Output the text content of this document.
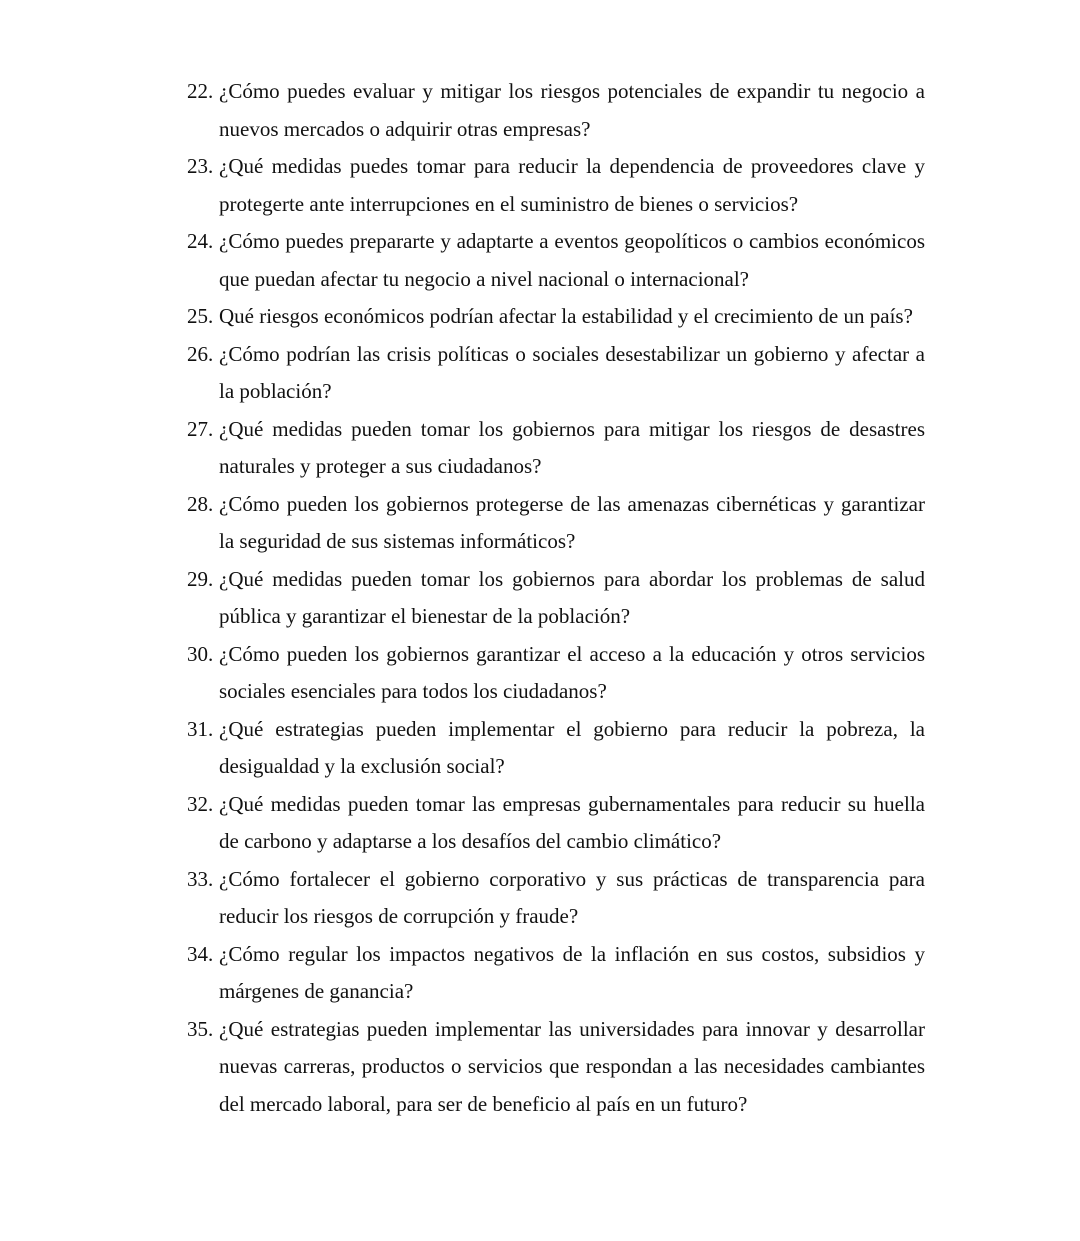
22. ¿Cómo puedes evaluar y mitigar los riesgos potenciales de expandir tu negocio a nuevos mercados o adquirir otras empresas?
23. ¿Qué medidas puedes tomar para reducir la dependencia de proveedores clave y protegerte ante interrupciones en el suministro de bienes o servicios?
24. ¿Cómo puedes prepararte y adaptarte a eventos geopolíticos o cambios económicos que puedan afectar tu negocio a nivel nacional o internacional?
25. Qué riesgos económicos podrían afectar la estabilidad y el crecimiento de un país?
26. ¿Cómo podrían las crisis políticas o sociales desestabilizar un gobierno y afectar a la población?
27. ¿Qué medidas pueden tomar los gobiernos para mitigar los riesgos de desastres naturales y proteger a sus ciudadanos?
28. ¿Cómo pueden los gobiernos protegerse de las amenazas cibernéticas y garantizar la seguridad de sus sistemas informáticos?
29. ¿Qué medidas pueden tomar los gobiernos para abordar los problemas de salud pública y garantizar el bienestar de la población?
30. ¿Cómo pueden los gobiernos garantizar el acceso a la educación y otros servicios sociales esenciales para todos los ciudadanos?
31. ¿Qué estrategias pueden implementar el gobierno para reducir la pobreza, la desigualdad y la exclusión social?
32. ¿Qué medidas pueden tomar las empresas gubernamentales para reducir su huella de carbono y adaptarse a los desafíos del cambio climático?
33. ¿Cómo fortalecer el gobierno corporativo y sus prácticas de transparencia para reducir los riesgos de corrupción y fraude?
34. ¿Cómo regular los impactos negativos de la inflación en sus costos, subsidios y márgenes de ganancia?
35. ¿Qué estrategias pueden implementar las universidades para innovar y desarrollar nuevas carreras, productos o servicios que respondan a las necesidades cambiantes del mercado laboral, para ser de beneficio al país en un futuro?
